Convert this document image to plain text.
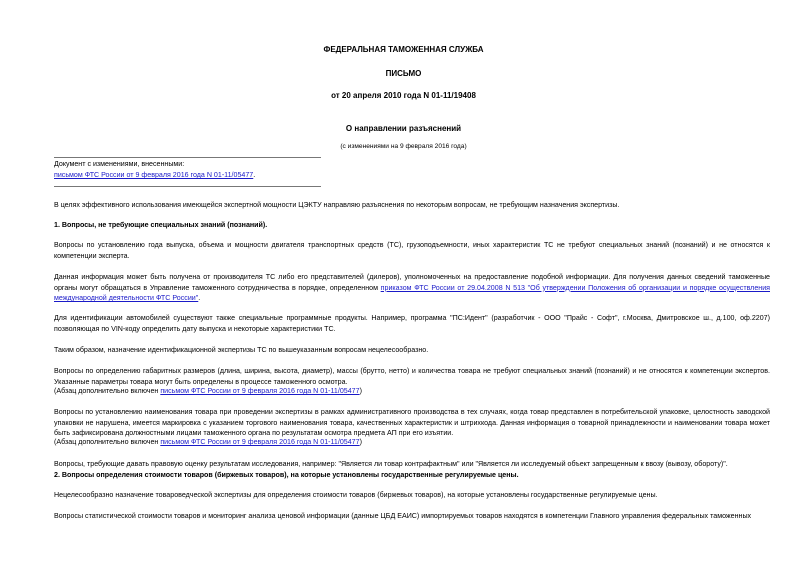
ФЕДЕРАЛЬНАЯ ТАМОЖЕННАЯ СЛУЖБА
ПИСЬМО
от 20 апреля 2010 года N 01-11/19408
О направлении разъяснений
(с изменениями на 9 февраля 2016 года)
Документ с изменениями, внесенными:
письмом ФТС России от 9 февраля 2016 года N 01-11/05477.
В целях эффективного использования имеющейся экспертной мощности ЦЭКТУ направляю разъяснения по некоторым вопросам, не требующим назначения экспертизы.
1. Вопросы, не требующие специальных знаний (познаний).
Вопросы по установлению года выпуска, объема и мощности двигателя транспортных средств (ТС), грузоподъемности, иных характеристик ТС не требуют специальных знаний (познаний) и не относятся к компетенции эксперта.
Данная информация может быть получена от производителя ТС либо его представителей (дилеров), уполномоченных на предоставление подобной информации. Для получения данных сведений таможенные органы могут обращаться в Управление таможенного сотрудничества в порядке, определенном приказом ФТС России от 29.04.2008 N 513 "Об утверждении Положения об организации и порядке осуществления международной деятельности ФТС России".
Для идентификации автомобилей существуют также специальные программные продукты. Например, программа "ПС:Идент" (разработчик - ООО "Прайс - Софт", г.Москва, Дмитровское ш., д.100, оф.2207) позволяющая по VIN-коду определить дату выпуска и некоторые характеристики ТС.
Таким образом, назначение идентификационной экспертизы ТС по вышеуказанным вопросам нецелесообразно.
Вопросы по определению габаритных размеров (длина, ширина, высота, диаметр), массы (брутто, нетто) и количества товара не требуют специальных знаний (познаний) и не относятся к компетенции экспертов. Указанные параметры товара могут быть определены в процессе таможенного осмотра.
(Абзац дополнительно включен письмом ФТС России от 9 февраля 2016 года N 01-11/05477)
Вопросы по установлению наименования товара при проведении экспертизы в рамках административного производства в тех случаях, когда товар представлен в потребительской упаковке, целостность заводской упаковки не нарушена, имеется маркировка с указанием торгового наименования товара, качественных характеристик и штрихкода. Данная информация о товарной принадлежности и наименовании товара может быть зафиксирована должностными лицами таможенного органа по результатам осмотра предмета АП при его изъятии.
(Абзац дополнительно включен письмом ФТС России от 9 февраля 2016 года N 01-11/05477)
Вопросы, требующие давать правовую оценку результатам исследования, например: "Является ли товар контрафактным" или "Является ли исследуемый объект запрещенным к ввозу (вывозу, обороту)".
2. Вопросы определения стоимости товаров (биржевых товаров), на которые установлены государственные регулируемые цены.
Нецелесообразно назначение товароведческой экспертизы для определения стоимости товаров (биржевых товаров), на которые установлены государственные регулируемые цены.
Вопросы статистической стоимости товаров и мониторинг анализа ценовой информации (данные ЦБД ЕАИС) импортируемых товаров находятся в компетенции Главного управления федеральных таможенных
